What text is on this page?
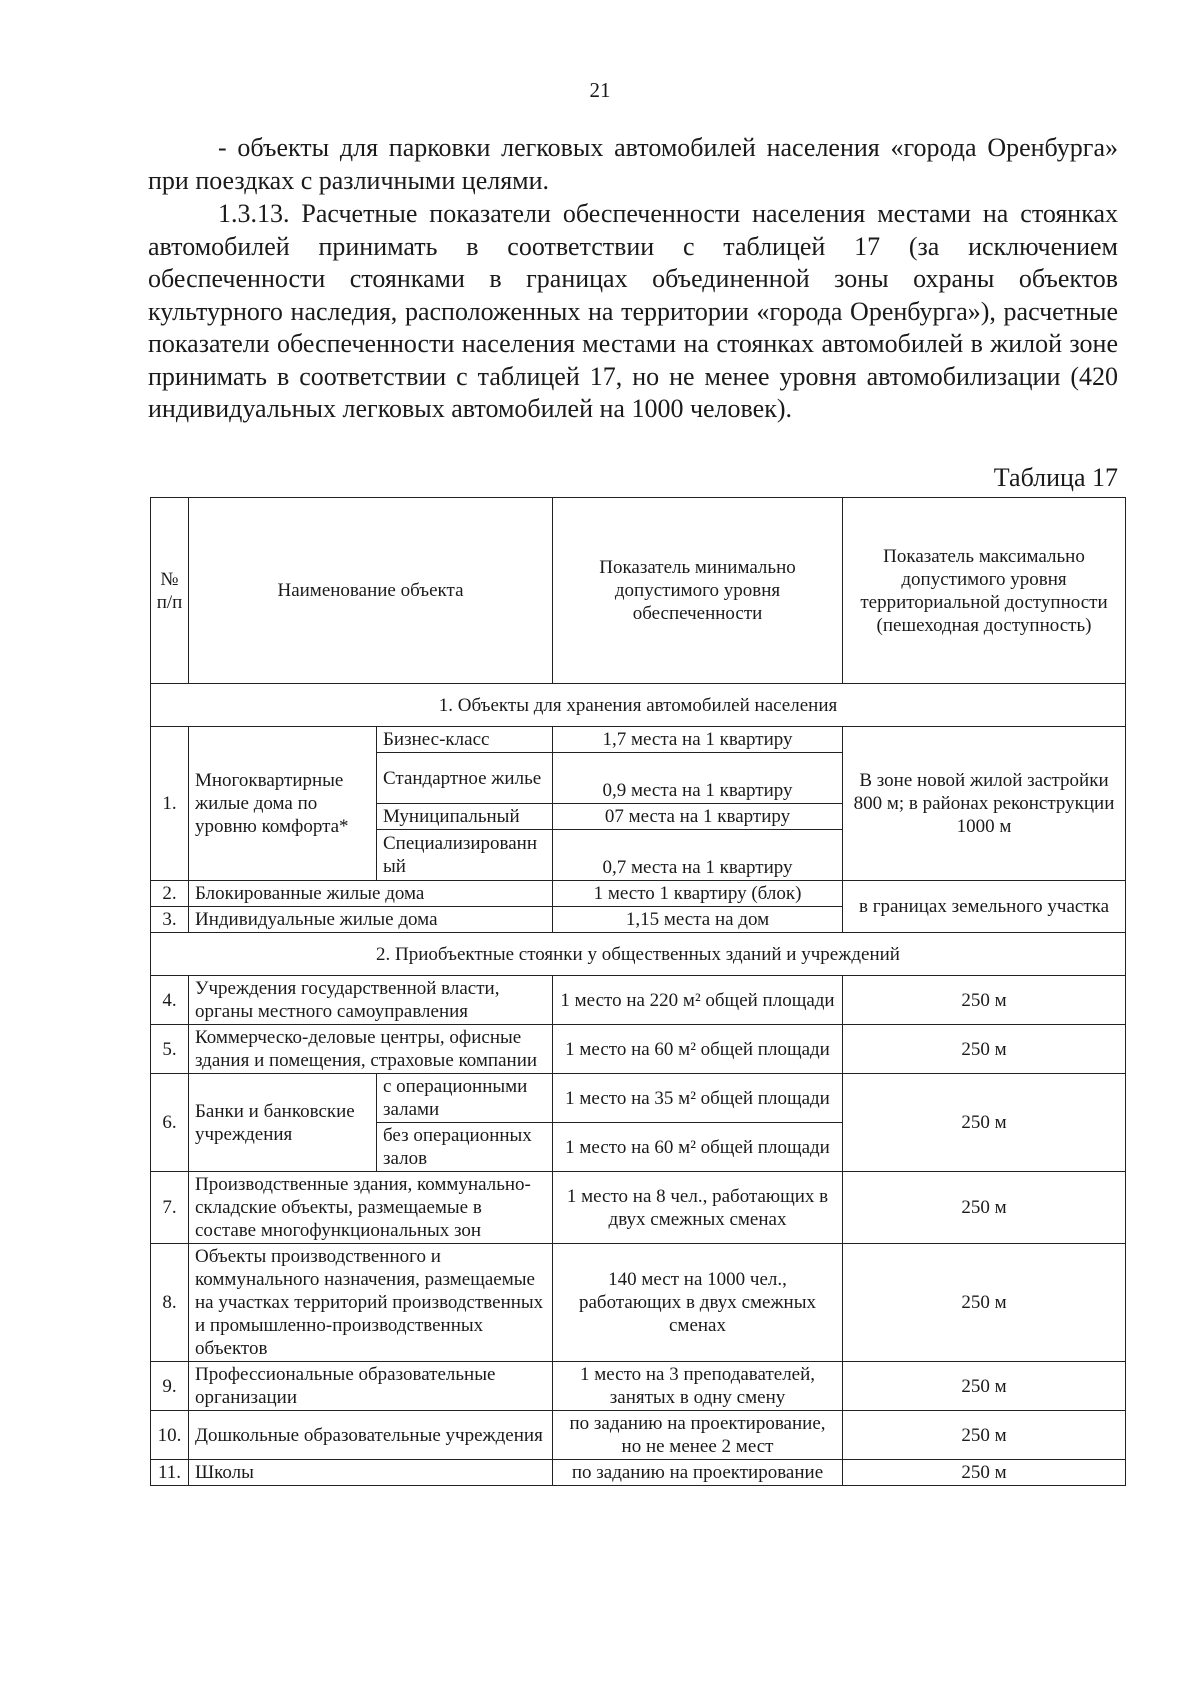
21
- объекты для парковки легковых автомобилей населения «города Оренбурга» при поездках с различными целями.
1.3.13. Расчетные показатели обеспеченности населения местами на стоянках автомобилей принимать в соответствии с таблицей 17 (за исключением обеспеченности стоянками в границах объединенной зоны охраны объектов культурного наследия, расположенных на территории «города Оренбурга»), расчетные показатели обеспеченности населения местами на стоянках автомобилей в жилой зоне принимать в соответствии с таблицей 17, но не менее уровня автомобилизации (420 индивидуальных легковых автомобилей на 1000 человек).
Таблица 17
№ п/п	Наименование объекта		Показатель минимально допустимого уровня обеспеченности	Показатель максимально допустимого уровня территориальной доступности (пешеходная доступность)
1. Объекты для хранения автомобилей населения				
1.	Многоквартирные жилые дома по уровню комфорта*	Бизнес-класс	1,7 места на 1 квартиру	В зоне новой жилой застройки 800 м; в районах реконструкции 1000 м
		Стандартное жилье	0,9 места на 1 квартиру	
		Муниципальный	07 места на 1 квартиру	
		Специализированный	0,7 места на 1 квартиру	
2.	Блокированные жилые дома		1 место 1 квартиру (блок)	в границах земельного участка
3.	Индивидуальные жилые дома		1,15 места на дом	
2. Приобъектные стоянки у общественных зданий и учреждений				
4.	Учреждения государственной власти, органы местного самоуправления		1 место на 220 м² общей площади	250 м
5.	Коммерческо-деловые центры, офисные здания и помещения, страховые компании		1 место на 60 м² общей площади	250 м
6.	Банки и банковские учреждения	с операционными залами	1 место на 35 м² общей площади	250 м
		без операционных залов	1 место на 60 м² общей площади	
7.	Производственные здания, коммунально-складские объекты, размещаемые в составе многофункциональных зон		1 место на 8 чел., работающих в двух смежных сменах	250 м
8.	Объекты производственного и коммунального назначения, размещаемые на участках территорий производственных и промышленно-производственных объектов		140 мест на 1000 чел., работающих в двух смежных сменах	250 м
9.	Профессиональные образовательные организации		1 место на 3 преподавателей, занятых в одну смену	250 м
10.	Дошкольные образовательные учреждения		по заданию на проектирование, но не менее 2 мест	250 м
11.	Школы		по заданию на проектирование	250 м
